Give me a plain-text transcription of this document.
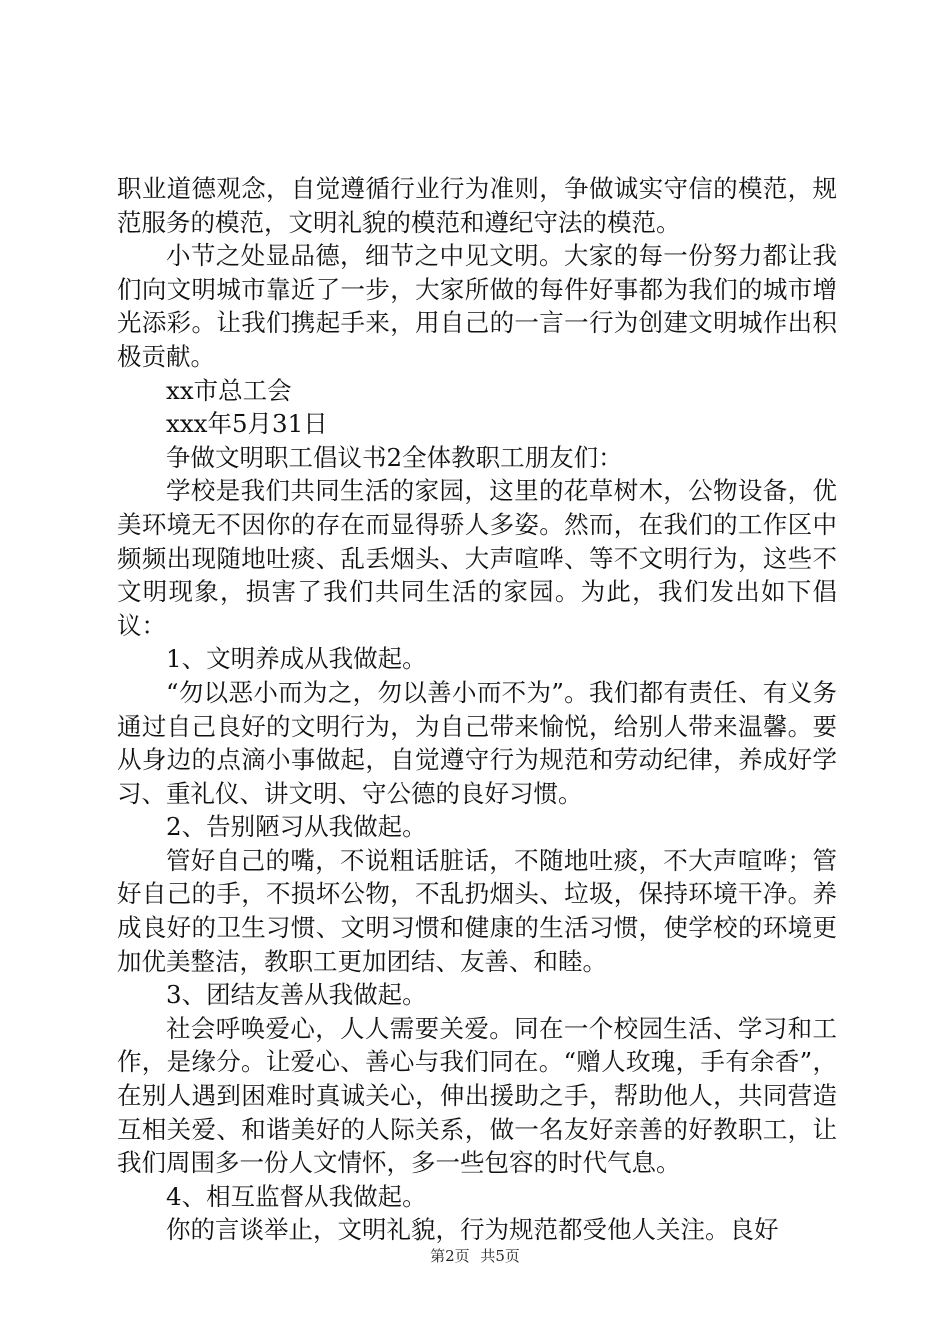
职业道德观念，自觉遵循行业行为准则，争做诚实守信的模范，规范服务的模范，文明礼貌的模范和遵纪守法的模范。

小节之处显品德，细节之中见文明。大家的每一份努力都让我们向文明城市靠近了一步，大家所做的每件好事都为我们的城市增光添彩。让我们携起手来，用自己的一言一行为创建文明城作出积极贡献。

xx市总工会

xxx年5月31日

争做文明职工倡议书2全体教职工朋友们：

学校是我们共同生活的家园，这里的花草树木，公物设备，优美环境无不因你的存在而显得骄人多姿。然而，在我们的工作区中频频出现随地吐痰、乱丢烟头、大声喧哗、等不文明行为，这些不文明现象，损害了我们共同生活的家园。为此，我们发出如下倡议：

1、文明养成从我做起。

“勿以恶小而为之，勿以善小而不为”。我们都有责任、有义务通过自己良好的文明行为，为自己带来愉悦，给别人带来温馨。要从身边的点滴小事做起，自觉遵守行为规范和劳动纪律，养成好学习、重礼仪、讲文明、守公德的良好习惯。

2、告别陋习从我做起。

管好自己的嘴，不说粗话脏话，不随地吐痰，不大声喧哗；管好自己的手，不损坏公物，不乱扔烟头、垃圾，保持环境干净。养成良好的卫生习惯、文明习惯和健康的生活习惯，使学校的环境更加优美整洁，教职工更加团结、友善、和睦。

3、团结友善从我做起。

社会呼唤爱心，人人需要关爱。同在一个校园生活、学习和工作，是缘分。让爱心、善心与我们同在。“赠人玫瑰，手有余香”，在别人遇到困难时真诚关心，伸出援助之手，帮助他人，共同营造互相关爱、和谐美好的人际关系，做一名友好亲善的好教职工，让我们周围多一份人文情怀，多一些包容的时代气息。

4、相互监督从我做起。

你的言谈举止，文明礼貌，行为规范都受他人关注。良好

第2页 共5页
